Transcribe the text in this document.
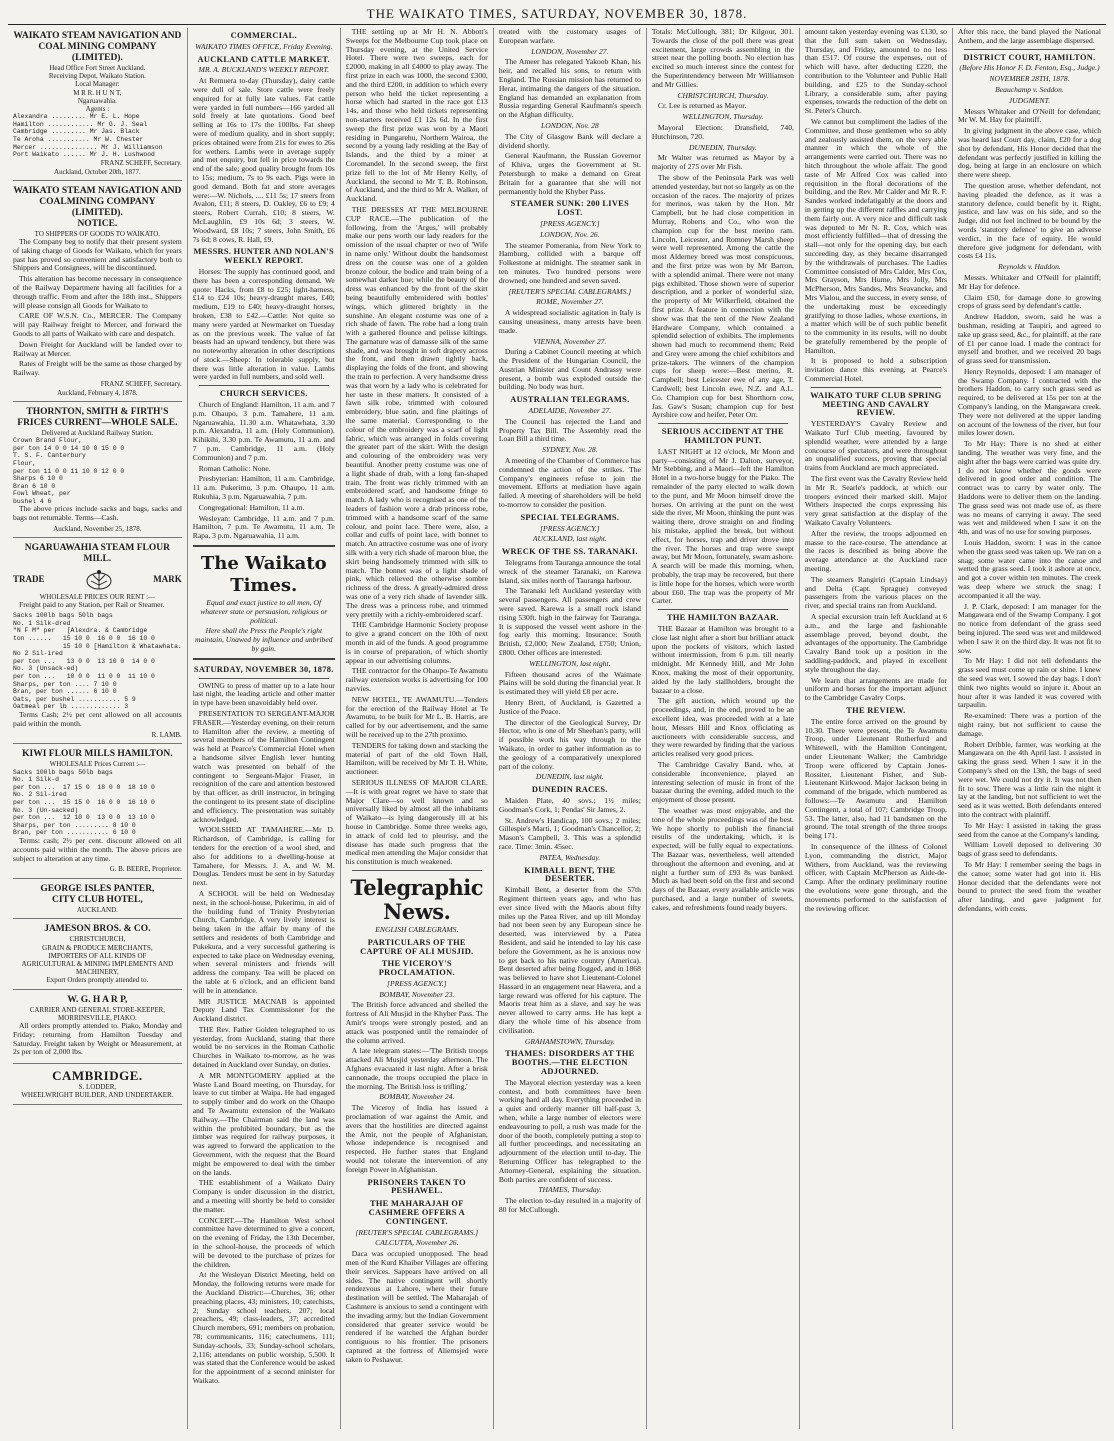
THE WAIKATO TIMES, SATURDAY, NOVEMBER 30, 1878.
WAIKATO STEAM NAVIGATION AND COAL MINING COMPANY (LIMITED).
Head Office Fort Street Auckland.
Receiving Depot, Waikato Station.
Local Manager:
M R R. H U N T,
Ngaruawahia.
Agents :
Alexandra ......... Mr E. L. Hope
Hamilton ............ Mr G. J. Seal
Cambridge ......... Mr Jas. Black
Te Aroha ........... Mr W. Chester
Mercer ............... Mr J. Williamson
Port Waikato ...... Mr J. H. Lushwood
FRANZ SCHEFF, Secretary.
Auckland, October 20th, 1877.
WAIKATO STEAM NAVIGATION AND COALMINING COMPANY (LIMITED).
NOTICE.
TO SHIPPERS OF GOODS TO WAIKATO.

The Company beg to notify that their present system of taking charge of Goods for Waikato, which for years past has proved so convenient and satisfactory both to Shippers and Consignees, will be discontinued.

This alteration has become necessary in consequence of the Railway Department having all facilities for a through traffic. From and after the 18th inst., Shippers will please consign all Goods for Waikato to

CARE OF W.S.N. Co., MERCER. The Company will pay Railway freight to Mercer, and forward the Goods to all parts of Waikato with care and despatch.

Down Freight for Auckland will be landed over to Railway at Mercer.

Rates of Freight will be the same as those charged by Railway.

FRANZ SCHEFF, Secretary.
Auckland, February 4, 1878.
THORNTON, SMITH & FIRTH'S FRICES CURRENT—WHOLE SALE.
Delivered at Auckland Railway Station.
Crown Brand Flour,
per ton 14 0 0 14 10 0 15 0 0
T. S. F. Canterbury
Flour,
per ton 11 0 0 11 10 0 12 0 0
Sharps 6 10 0
Bran 6 10 0
Fowl Wheat, per
bushel 4 6

The above prices include sacks and bags, sacks and bags not returnable. Terms—Cash.

Auckland, November 25, 1878.
NGARUAWAHIA STEAM FLOUR MILL.
TRADE	MARK
WHOLESALE PRICES OUR RENT :—

Freight paid to any Station, per Rail or Steamer.

Sacks 100lb bags 50lb bags
No. 1 Silk-dred
"N F M" per   [Alexdra. & Cambridge
ton ......   15 10 0  16 0 0  16 10 0
15 10 0 [Hamilton & Whatawhata.
No 2 Sil-ired
per ton ...   13 0 0  13 10 0  14 0 0
No. 3 (Unsack-ed)
per ton ...   10 0 0  11 0 0  11 10 0
Sharps, per ton .... 7 10 0
Bran, per ton ...... 6 10 0
Oats, per bushel ........... 5 9
Oatmeal per lb ............. 3

Terms Cash; 2½ per cent allowed on all accounts paid within the month.

R. LAMB.
KIWI FLOUR MILLS HAMILTON.
WHOLESALE Prices Current :—
Sacks 100lb bags 50lb bags
No. 1 Silk-d
per ton ...  17 15 0  18 0 0  18 10 0
No. 2 Sil-ired
per ton ...  15 15 0  16 0 0  16 10 0
No. 3 (Un-sacked)
per ton ...  12 10 0  13 0 0  13 10 0
Sharps, per ton ......... 8 10 0
Bran, per ton ........... 6 10 0

Terms: cash; 2½ per cent. discount allowed on all accounts paid within the month. The above prices are subject to alteration at any time.

G. B. BEERE, Proprietor.
GEORGE ISLES PANTER,
CITY CLUB HOTEL,
AUCKLAND.
JAMESON BROS. & CO.
CHRISTCHURCH,
GRAIN & PRODUCE MERCHANTS,
IMPORTERS OF ALL KINDS OF
AGRICULTURAL & MINING IMPLEMENTS AND MACHINERY,
Export Orders promptly attended to.
W. G. H A R P,
CARRIER AND GENERAL STORE-KEEPER,
MORRINSVILLE, PIAKO.

All orders promptly attended to. Piako, Monday and Friday; returning from Hamilton Tuesday and Saturday. Freight taken by Weight or Measurement, at 2s per ton of 2,000 lbs.

CAMBRIDGE.
S. LODDER,
WHEELWRIGHT BUILDER, AND UNDERTAKER.
COMMERCIAL.
WAIKATO TIMES OFFICE, Friday Evening.
AUCKLAND CATTLE MARKET.
MR. A. BUCKLAND'S WEEKLY REPORT.

At Remuera to-day (Thursday), dairy cattle were dull of sale. Store cattle were freely enquired for at fully late values. Fat cattle were yarded in full numbers—166 yarded all sold freely at late quotations. Good beef selling at 16s to 17s the 100lbs. Fat sheep were of medium quality, and in short supply; prices obtained were from 21s for ewes to 26s for wethers. Lambs were in average supply and met enquiry, but fell in price towards the end of the sale; good quality brought from 10s to 15s; medium, 7s to 9s each. Pigs were in good demand. Both fat and store averages were:—W. Nichols, .... £11 5s; 17 steers from Avalon, £11; 8 steers, D. Oakley, £6 to £9; 4 steers, Robert Currah, £10; 8 steers, W. McLaughlin, £9 10s 6d; 3 steers, W. Woodward, £8 10s; 7 steers, John Smith, £6 7s 6d; 8 cows, R. Hall, £9.

MESSRS. HUNTER AND NOLAN'S WEEKLY REPORT.

Horses: The supply has continued good, and there has been a corresponding demand. We quote: Hacks, from £8 to £25; light-harness, £14 to £24 10s; heavy-draught mares, £40; medium, £19 to £40; heavy-draught horses, broken, £38 to £42.—Cattle: Not quite so many were yarded at Newmarket on Tuesday as on the previous week. The value of fat beasts had an upward tendency, but there was no noteworthy alteration in other descriptions of stock.—Sheep: In tolerable supply, but there was little alteration in value. Lambs were yarded in full numbers, and sold well.

CHURCH SERVICES.

Church of England: Hamilton, 11 a.m. and 7 p.m. Ohaupo, 3 p.m. Tamahere, 11 a.m. Ngaruawahia, 11.30 a.m. Whatawhata, 3.30 p.m. Alexandra, 11 a.m. (Holy Communion). Kihikihi, 3.30 p.m. Te Awamutu, 11 a.m. and 7 p.m. Cambridge, 11 a.m. (Holy Communion) and 7 p.m.

Roman Catholic: None.

Presbyterian: Hamilton, 11 a.m. Cambridge, 11 a.m. Pukerimu, 3 p.m. Ohaupo, 11 a.m. Rukuhia, 3 p.m. Ngaruawahia, 7 p.m.

Congregational: Hamilton, 11 a.m.

Wesleyan: Cambridge, 11 a.m. and 7 p.m. Hamilton, 7 p.m. Te Awamutu, 11 a.m. Te Rapa, 3 p.m. Ngaruawahia, 11 a.m.

The Waikato Times.
Equal and exact justice to all men, Of whatever state or persuasion, religious or political.
Here shall the Press the People's right maintain, Unawed by influence and unbribed by gain.
SATURDAY, NOVEMBER 30, 1878.

OWING to press of matter up to a late hour last night, the leading article and other matter in type have been unavoidably held over.

PRESENTATION TO SERGEANT-MAJOR FRASER.—Yesterday evening, on their return to Hamilton after the review, a meeting of several members of the Hamilton Contingent was held at Pearce's Commercial Hotel when a handsome silver English lever hunting watch was presented on behalf of the contingent to Sergeant-Major Fraser, in recognition of the care and attention bestowed by that officer, as drill instructor, in bringing the contingent to its present state of discipline and efficiency. The presentation was suitably acknowledged.

WOOLSHED AT TAMAHERE.—Mr D. Richardson, of Cambridge, is calling for tenders for the erection of a wool shed, and also for additions to a dwelling-house at Tamahere, for Messrs. J. A. and W. M. Douglas. Tenders must be sent in by Saturday next.

A SCHOOL will be held on Wednesday next, in the school-house, Pukerimu, in aid of the building fund of Trinity Presbyterian Church, Cambridge. A very lively interest is being taken in the affair by many of the settlers and residents of both Cambridge and Pukekura, and a very successful gathering is expected to take place on Wednesday evening, when several ministers and friends will address the company. Tea will be placed on the table at 6 o'clock, and an efficient band will be in attendance.

MR JUSTICE MACNAB is appointed Deputy Land Tax Commissioner for the Auckland district.

THE Rev. Father Golden telegraphed to us yesterday, from Auckland, stating that there would be no services in the Roman Catholic Churches in Waikato to-morrow, as he was detained in Auckland over Sunday, on duties.

A MR MONTGOMERY applied at the Waste Land Board meeting, on Thursday, for leave to cut timber at Waipa. He had engaged to supply timber and do work on the Ohaupo and Te Awamutu extension of the Waikato Railway.—The Chairman said the land was within the prohibited boundary, but as the timber was required for railway purposes, it was agreed to forward the application to the Government, with the request that the Board might be empowered to deal with the timber on the lands.

THE establishment of a Waikato Dairy Company is under discussion in the district, and a meeting will shortly be held to consider the matter.

CONCERT.—The Hamilton West school committee have determined to give a concert, on the evening of Friday, the 13th December, in the school-house, the proceeds of which will be devoted to the purchase of prizes for the children.

At the Wesleyan District Meeting, held on Monday, the following returns were made for the Auckland District:—Churches, 36; other preaching places, 43; ministers, 10; catechists, 2; Sunday school teachers, 207; local preachers, 49; class-leaders, 37; accredited Church members, 691; members on probation, 78; communicants, 116; catechumens, 111; Sunday-schools, 33; Sunday-school scholars, 2,116; attendants on public worship, 5,500. It was stated that the Conference would be asked for the appointment of a second minister for Waikato.

THE settling up at Mr H. N. Abbott's Sweeps for the Melbourne Cup took place on Thursday evening, at the United Service Hotel. There were two sweeps, each for £2000, making in all £4000 to play away. The first prize in each was 1000, the second £300, and the third £200, in addition to which every person who held the ticket representing a horse which had started in the race got £13 14s, and those who held tickets representing non-starters received £1 12s 6d. In the first sweep the first prize was won by a Maori residing in Pungarehu, Northern Wairoa, the second by a young lady residing at the Bay of Islands, and the third by a miner at Coromandel. In the second sweep, the first prize fell to the lot of Mr Henry Kelly, of Auckland, the second to Mr T. B. Robinson, of Auckland, and the third to Mr A. Walker, of Auckland.

THE DRESSES AT THE MELBOURNE CUP RACE.—The publication of the following, from the 'Argus,' will probably make our pens worth our lady readers for the omission of the usual chapter or two of 'Wife in name only.' Without doubt the handsomest dress on the course was one of a golden bronze colour, the bodice and train being of a somewhat darker hue; while the beauty of the dress was enhanced by the front of the skirt being beautifully embroidered with bottles' wings, which glittered brightly in the sunshine. An elegant costume was one of a rich shade of fawn. The robe had a long train with a gathered flounce and pelisse kiltings. The garnature was of damasse silk of the same shade, and was brought in soft drapery across the front, and then drawn tightly back, displaying the folds of the front, and showing the train to perfection. A very handsome dress was that worn by a lady who is celebrated for her taste in these matters. It consisted of a fawn silk robe, trimmed with coloured embroidery, blue satin, and fine plaitings of the same material. Corresponding to the colour of the embroidery was a scarf of light fabric, which was arranged in folds covering the greater part of the skirt. With the design and colouring of the embroidery was very beautiful. Another pretty costume was one of a light shade of drab, with a long fan-shaped train. The front was richly trimmed with an embroidered scarf, and handsome fringe to match. A lady who is recognised as one of the leaders of fashion wore a drab princess robe, trimmed with a handsome scarf of the same colour, and point lace. There were, also, a collar and cuffs of point lace, with bonnet to match. An attractive costume was one of ivory silk with a very rich shade of maroon blue, the skirt being handsomely trimmed with silk to match. The bonnet was of a light shade of pink, which relieved the otherwise sombre richness of the dress. A greatly-admired dress was one of a very rich shade of lavender silk. The dress was a princess robe, and trimmed very prettily with a richly-embroidered scarf.

THE Cambridge Harmonic Society propose to give a grand concert on the 10th of next month in aid of the funds. A good programme is in course of preparation, of which shortly appear in our advertising columns.

THE contractor for the Ohaupo-Te Awamutu railway extension works is advertising for 100 navvies.

NEW HOTEL, TE AWAMUTU.—Tenders for the erection of the Railway Hotel at Te Awamutu, to be built for Mr L. B. Harris, are called for by our advertisement, and the same will be received up to the 27th proximo.

TENDERS for taking down and stacking the material of part of the old Town Hall, Hamilton, will be received by Mr T. H. White, auctioneer.

SERIOUS ILLNESS OF MAJOR CLARE.—It is with great regret we have to state that Major Clare—so well known and so universally liked by almost all the inhabitants of Waikato—is lying dangerously ill at his house in Cambridge. Some three weeks ago, in attack of cold led to pleurisy, and the disease has made such progress that the medical men attending the Major consider that his constitution is much weakened.

Telegraphic News.
ENGLISH CABLEGRAMS.
PARTICULARS OF THE CAPTURE OF ALI MUSJID.
THE VICEROY'S PROCLAMATION.
[PRESS AGENCY.]
BOMBAY, November 23.

The British force advanced and shelled the fortress of Ali Musjid in the Khyber Pass. The Amir's troops were strongly posted, and an attack was postponed until the remainder of the column arrived.

A late telegram states:—'The British troops attacked Ali Musjid yesterday afternoon. The Afghans evacuated it last night. After a brisk cannonade, the troops occupied the place in the morning. The British loss is trifling.'

BOMBAY, November 24.

The Viceroy of India has issued a proclamation of war against the Amir, and avers that the hostilities are directed against the Amir, not the people of Afghanistan, whose independence is recognised and respected. He further states that England would not tolerate the intervention of any foreign Power in Afghanistan.

PRISONERS TAKEN TO PESHAWEL.
THE MAHARAJAH OF CASHMERE OFFERS A CONTINGENT.
[REUTER'S SPECIAL CABLEGRAMS.]
CALCUTTA, November 26.

Daca was occupied unopposed. The head men of the Kurd Khaiber Villages are offering their services. Sappears have arrived on all sides. The native contingent will shortly rendezvous at Lahore, where their future destination will be settled. The Maharajah of Cashmere is anxious to send a contingent with the invading army, but the Indian Government considered that greater service would be rendered if he watched the Afghan border contiguous to his frontier. The prisoners captured at the fortress of Aliemsjed were taken to Peshawur.

treated with the customary usages of European warfare.

LONDON, November 27.

The Ameer has relegated Yakoob Khan, his heir, and recalled his sons, to return with England. The Russian mission has returned to Herat, intimating the dangers of the situation. England has demanded an explanation from Russia regarding General Kaufmann's speech on the Afghan difficulty.

LONDON, Nov. 28

The City of Glasgow Bank will declare a dividend shortly.

General Kaufmann, the Russian Governor of Khiva, urges the Government at St. Petersburgh to make a demand on Great Britain for a guarantee that she will not permanently hold the Khyber Pass.

STEAMER SUNK: 200 LIVES LOST.
[PRESS AGENCY.]
LONDON, Nov. 26.

The steamer Pomerania, from New York to Hamburg, collided with a barque off Folkestone at midnight. The steamer sank in ten minutes. Two hundred persons were drowned; one hundred and seven saved.

[REUTER'S SPECIAL CABLEGRAMS.]
ROME, November 27.

A widespread socialistic agitation in Italy is causing uneasiness, many arrests have been made.

VIENNA, November 27.

During a Cabinet Council meeting at which the President of the Hungarian Council, the Austrian Minister and Count Andrassy were present, a bomb was exploded outside the building. No body was hurt.

AUSTRALIAN TELEGRAMS.
ADELAIDE, November 27.

The Council has rejected the Land and Property Tax Bill. The Assembly read the Loan Bill a third time.

SYDNEY, Nov. 28.

A meeting of the Chamber of Commerce has condemned the action of the strikes. The Company's engineers refuse to join the movement. Efforts at mediation have again failed. A meeting of shareholders will be held to-morrow to consider the position.

SPECIAL TELEGRAMS.
[PRESS AGENCY.]
AUCKLAND, last night.
WRECK OF THE SS. TARANAKI.

Telegrams from Tauranga announce the total wreck of the steamer Taranaki, on Karewa Island, six miles north of Tauranga harbour.

The Taranaki left Auckland yesterday with several passengers. All passengers and crew were saved. Karewa is a small rock island rising 530ft. high in the fairway for Tauranga. It is supposed the vessel went ashore in the fog early this morning. Insurance: South British, £2,000; New Zealand, £750; Union, £800. Other offices are interested.

WELLINGTON, last night.

Fifteen thousand acres of the Waimate Plains will be sold during the financial year. It is estimated they will yield £8 per acre.

Henry Brett, of Auckland, is Gazetted a Justice of the Peace.

The director of the Geological Survey, Dr Hector, who is one of Mr Sheehan's party, will if possible work his way through to the Waikato, in order to gather information as to the geology of a comparatively unexplored part of the colony.

DUNEDIN, last night.
DUNEDIN RACES.

Maiden Plate, 40 sovs.; 1½ miles; Goodman's Cork, 1; Pendas' Sir James, 2.

St. Andrew's Handicap, 100 sovs.; 2 miles; Gillespie's Marti, 1; Goodman's Chancellor, 2; Mason's Campbell, 3. This was a splendid race. Time: 3min. 45sec.

PATEA, Wednesday.
KIMBALL BENT, THE DESERTER.

Kimball Bent, a deserter from the 57th Regiment thirteen years ago, and who has ever since lived with the Maoris about fifty miles up the Patea River, and up till Monday had not been seen by any European since he deserted, was interviewed by a Patea Resident, and said he intended to lay his case before the Government, as he is anxious now to get back to his native country (America). Bent deserted after being flogged, and in 1868 was believed to have shot Lieutenant-Colonel Hassard in an engagement near Hawera, and a large reward was offered for his capture. The Maoris treat him as a slave, and say he was never allowed to carry arms. He has kept a diary the whole time of his absence from civilisation.

GRAHAMSTOWN, Thursday.
THAMES: DISORDERS AT THE BOOTHS.—THE ELECTION ADJOURNED.

The Mayoral election yesterday was a keen contest, and both committees have been working hard all day. Everything proceeded in a quiet and orderly manner till half-past 3, when, while a large number of electors were endeavouring to poll, a rush was made for the door of the booth, completely putting a stop to all further proceedings, and necessitating an adjournment of the election until to-day. The Returning Officer has telegraphed to the Attorney-General, explaining the situation. Both parties are confident of success.

THAMES, Thursday.

The election to-day resulted in a majority of 80 for McCullough.

Totals: McCullough, 381; Dr Kilgour, 301. Towards the close of the poll there was great excitement, large crowds assembling in the street near the polling booth. No election has excited so much interest since the contest for the Superintendency between Mr Williamson and Mr Gillies.

CHRISTCHURCH, Thursday.

Cr. Lee is returned as Mayor.

WELLINGTON, Thursday.

Mayoral Election: Dransfield, 740, Hutchinson, 720.

DUNEDIN, Thursday.

Mr Walter was returned as Mayor by a majority of 275 over Mr Fish.

The show of the Peninsula Park was well attended yesterday, but not so largely as on the occasion of the races. The majority of prizes for merinos, was taken by the Hon. Mr Campbell, but he had close competition in Murray, Roberts and Co., who won the champion cup for the best merino ram. Lincoln, Leicester, and Romney Marsh sheep were well represented. Among the cattle the most Alderney breed was most conspicuous, and the first prize was won by Mr Barron, with a splendid animal. There were not many pigs exhibited. Those shown were of superior description, and a porker of wonderful size, the property of Mr Wilkerfield, obtained the first prize. A feature in connection with the show was that the tent of the New Zealand Hardware Company, which contained a splendid selection of exhibits. The implements shown had much to recommend them; Reid and Grey were among the chief exhibitors and prize-takers. The winners of the champion cups for sheep were:—Best merino, R. Campbell; best Leicester ewe of any age, T. Cardwell; best Lincoln ewe, N.Z. and A.L. Co. Champion cup for best Shorthorn cow, Jas. Gaw's Susan; champion cup for best Ayrshire cow and heifer, Peter Orr.

SERIOUS ACCIDENT AT THE HAMILTON PUNT.

LAST NIGHT at 12 o'clock, Mr Moon and party—consisting of Mr J. Dalton, surveyor, Mr Stebbing, and a Maori—left the Hamilton Hotel in a two-horse buggy for the Piako. The remainder of the party elected to walk down to the punt, and Mr Moon himself drove the horses. On arriving at the punt on the west side the river, Mr Moon, thinking the punt was waiting there, drove straight on and finding his mistake, applied the break, but without effect, for horses, trap and driver drove into the river. The horses and trap were swept away, but Mr Moon, fortunately, swam ashore. A search will be made this morning, when, probably, the trap may be recovered, but there is little hope for the horses, which were worth about £60. The trap was the property of Mr Carter.

THE HAMILTON BAZAAR.

THE Bazaar at Hamilton was brought to a close last night after a short but brilliant attack upon the pockets of visitors, which lasted without intermission, from 6 p.m. till nearly midnight. Mr Kennedy Hill, and Mr John Knox, making the most of their opportunity, aided by the lady stallholders, brought the bazaar to a close.

The gift auction, which wound up the proceedings, and, in the end, proved to be an excellent idea, was proceeded with at a late hour, Messrs Hill and Knox officiating as auctioneers with considerable success, and they were rewarded by finding that the various articles realised very good prices.

The Cambridge Cavalry Band, who, at considerable inconvenience, played an interesting selection of music in front of the bazaar during the evening, added much to the enjoyment of those present.

The weather was most enjoyable, and the tone of the whole proceedings was of the best. We hope shortly to publish the financial results of the undertaking, which, it is expected, will be fully equal to expectations. The Bazaar was, nevertheless, well attended throughout the afternoon and evening, and at night a further sum of £93 8s was banked. Much as had been sold on the first and second days of the Bazaar, every available article was purchased, and a large number of sweets, cakes, and refreshments found ready buyers.

amount taken yesterday evening was £130, so that the full sum taken on Wednesday, Thursday, and Friday, amounted to no less than £517. Of course the expenses, out of which will have, after deducting £220, the contribution to the Volunteer and Public Hall building, and £25 to the Sunday-school Library, a considerable sum, after paying expenses, towards the reduction of the debt on St. Peter's Church.

We cannot but compliment the ladies of the Committee, and those gentlemen who so ably and zealously assisted them, on the very able manner in which the whole of the arrangements were carried out. There was no hitch throughout the whole affair. The good taste of Mr Alfred Cox was called into requisition in the floral decorations of the building, and the Rev. Mr Calder and Mr R. F. Sandes worked indefatigably at the doors and in getting up the different raffles and carrying them fairly out. A very nice and difficult task was deputed to Mr N. R. Cox, which was most efficiently fulfilled—that of dressing the stall—not only for the opening day, but each succeeding day, as they became disarranged by the withdrawals of purchases. The Ladies Committee consisted of Mrs Calder, Mrs Cox, Mrs Grayson, Mrs Hume, Mrs Jolly, Mrs McPherson, Mrs Sandes, Mrs Seavancke, and Mrs Vialou, and the success, in every sense, of the undertaking must be exceedingly gratifying to those ladies, whose exertions, in a matter which will be of such public benefit to the community in its results, will no doubt be gratefully remembered by the people of Hamilton.

It is proposed to hold a subscription invitation dance this evening, at Pearce's Commercial Hotel.

WAIKATO TURF CLUB SPRING MEETING AND CAVALRY REVIEW.

YESTERDAY'S Cavalry Review and Waikato Turf Club meeting, favoured by splendid weather, were attended by a large concourse of spectators, and were throughout an unqualified success, proving that special trains from Auckland are much appreciated.

The first event was the Cavalry Review held in Mr R. Searle's paddock, at which our troopers evinced their marked skill. Major Withers inspected the corps expressing his very great satisfaction at the display of the Waikato Cavalry Volunteers.

After the review, the troops adjourned en masse to the race-course. The attendance at the races is described as being above the average attendance at the Auckland race meeting.

The steamers Rangiriri (Captain Lindsay) and Delta (Capt. Sprague) conveyed passengers from the various places on the river, and special trains ran from Auckland.

A special excursion train left Auckland at 6 a.m., and the large and fashionable assemblage proved, beyond doubt, the advantages of the opportunity. The Cambridge Cavalry Band took up a position in the saddling-paddock, and played in excellent style throughout the day.

We learn that arrangements are made for uniform and horses for the important adjunct to the Cambridge Cavalry Corps.

THE REVIEW.

The entire force arrived on the ground by 10.30. There were present, the Te Awamutu Troop, under Lieutenant Rutherfurd and Whitewell, with the Hamilton Contingent, under Lieutenant Walker; the Cambridge Troop were officered by Captain Jones-Rossiter, Lieutenant Fisher, and Sub-Lieutenant Kirkwood. Major Jackson being in command of the brigade, which numbered as follows:—Te Awamutu and Hamilton Contingent, a total of 107; Cambridge Troop, 53. The latter, also, had 11 bandsmen on the ground. The total strength of the three troops being 171.

In consequence of the illness of Colonel Lyon, commanding the district, Major Withers, from Auckland, was the reviewing officer, with Captain McPherson as Aide-de-Camp. After the ordinary preliminary routine the evolutions were gone through, and the movements performed to the satisfaction of the reviewing officer.

After this race, the band played the National Anthem, and the large assemblage dispersed.

DISTRICT COURT, HAMILTON.
(Before His Honor F. D. Fenton, Esq., Judge.)
NOVEMBER 28TH, 1878.
Beauchamp v. Seddon.
JUDGMENT.

Messrs Whitaker and O'Neill for defendant; Mr W. M. Hay for plaintiff.

In giving judgment in the above case, which was heard last Court day, claim, £20 for a dog shot by defendant, His Honor decided that the defendant was perfectly justified in killing the dog, being at large in an enclosure on which there were sheep.

The question arose, whether defendant, not having pleaded the defence, as it was a statutory defence, could benefit by it. Right, justice, and law was on his side, and so the Judge, did not feel inclined to be bound by the words 'statutory defence' to give an adverse verdict, in the face of equity. He would therefore give judgment for defendant, with costs £4 11s.

Reynolds v. Haddon.

Messrs. Whitaker and O'Neill for plaintiff; Mr Hay for defence.

Claim £50, for damage done to growing crops of grass seed by defendant's cattle.

Andrew Haddon, sworn, said he was a bushman, residing at Taupiri, and agreed to take up grass seed, &c., for plaintiff, at the rate of £1 per canoe load. I made the contract for myself and brother, and we received 20 bags of grass seed for transmission.

Henry Reynolds, deposed: I am manager of the Swamp Company. I contracted with the brothers Haddon, to carry such grass seed as required, to be delivered at 15s per ton at the Company's landing, on the Mangawara creek. They were not delivered at the upper landing on account of the lowness of the river, but four miles lower down.

To Mr Hay: There is no shed at either landing. The weather was very fine, and the night after the bags were carried was quite dry. I do not know whether the goods were delivered in good order and condition. The contract was to carry by water only. The Haddons were to deliver them on the landing. The grass seed was not made use of, as there was no means of carrying it away. The seed was wet and mildewed when I saw it on the 4th, and was of no use for sowing purposes.

Louis Haddon, sworn: I was in the canoe when the grass seed was taken up. We ran on a snag; some water came into the canoe and wetted the grass seed. I took it ashore at once, and got a cover within ten minutes. The creek was deep where we struck the snag; I accompanied it all the way.

J. P. Clark, deposed: I am manager for the Mangawara end of the Swamp Company. I got no notice from defendant of the grass seed being injured. The seed was wet and mildewed when I saw it on the third day. It was not fit to sow.

To Mr Hay: I did not tell defendants the grass seed must come up rain or shine. I knew the seed was wet. I sowed the day bags. I don't think two nights would so injure it. About an hour after it was landed it was covered with tarpaulin.

Re-examined: There was a portion of the night rainy, but not sufficient to cause the damage.

Robert Dribble, farmer, was working at the Mangawara on the 4th April last. I assisted in taking the grass seed. When I saw it in the Company's shed on the 13th, the bags of seed were wet. We could not dry it. It was not then fit to sow. There was a little rain the night it lay at the landing, but not sufficient to wet the seed as it was wetted. Both defendants entered into the contract with plaintiff.

To Mr Hay: I assisted in taking the grass seed from the canoe at the Company's landing.

William Lovell deposed to delivering 30 bags of grass seed to defendants.

To Mr Hay: I remember seeing the bags in the canoe; some water had got into it. His Honor decided that the defendants were not bound to protect the seed from the weather after landing, and gave judgment for defendants, with costs.
